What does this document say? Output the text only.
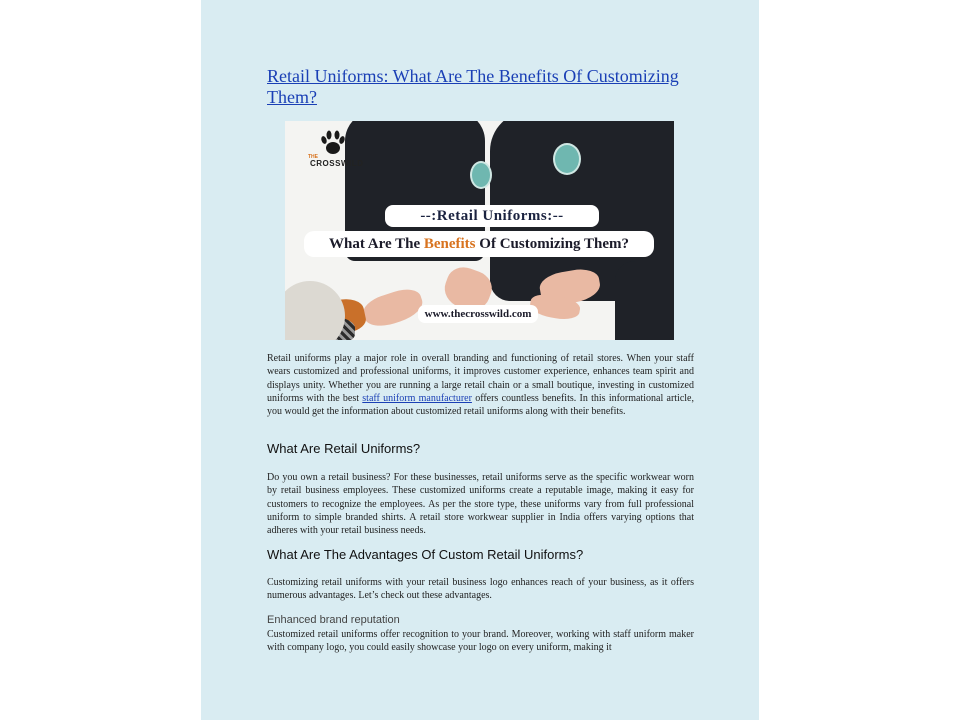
Retail Uniforms: What Are The Benefits Of Customizing Them?
THE
CROSSWILD
--:Retail Uniforms:--
What Are The Benefits Of Customizing Them?
www.thecrosswild.com
Retail uniforms play a major role in overall branding and functioning of retail stores. When your staff wears customized and professional uniforms, it improves customer experience, enhances team spirit and displays unity. Whether you are running a large retail chain or a small boutique, investing in customized uniforms with the best staff uniform manufacturer offers countless benefits. In this informational article, you would get the information about customized retail uniforms along with their benefits.
What Are Retail Uniforms?
Do you own a retail business? For these businesses, retail uniforms serve as the specific workwear worn by retail business employees. These customized uniforms create a reputable image, making it easy for customers to recognize the employees. As per the store type, these uniforms vary from full professional uniform to simple branded shirts. A retail store workwear supplier in India offers varying options that adheres with your retail business needs.
What Are The Advantages Of Custom Retail Uniforms?
Customizing retail uniforms with your retail business logo enhances reach of your business, as it offers numerous advantages. Let’s check out these advantages.
Enhanced brand reputation
Customized retail uniforms offer recognition to your brand. Moreover, working with staff uniform maker with company logo, you could easily showcase your logo on every uniform, making it
